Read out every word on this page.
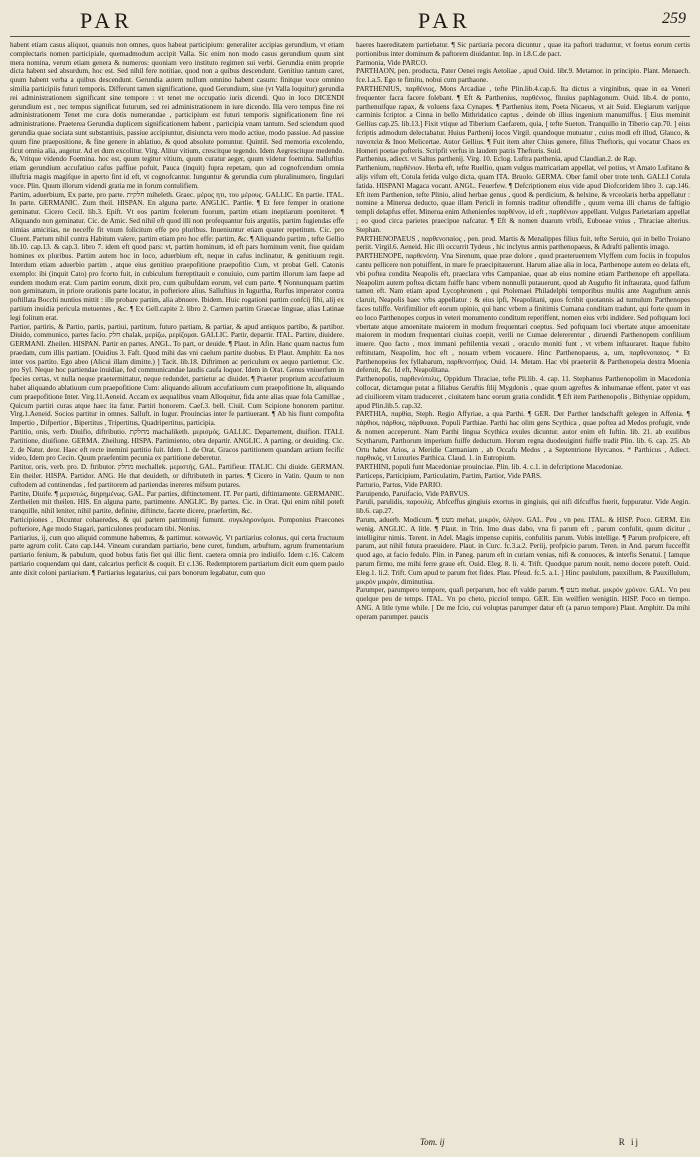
PAR	PAR	259

habent etiam casus aliquot, quanuis non omnes, quos habeat participium: generaliter accipias gerundium, vt etiam complectaris nomen participiale, quemadmodum accipit Valla. Sic enim non modo casus gerundium quum sint mera nomina, verum etiam genera & numeros: quoniam vero instituto regimen sui verbi. Gerundia enim proprie dicta habent sed absurdum, hoc est. Sed nihil fere notitiae, quod non a quibus descendunt. Genitiuo tantum caret, quum habent verba a quibus descendunt. Gerundia autem nullum omnino habent casum: finitque voce omnino similia participiis futuri temporis. Differunt tamen significatione, quod Gerundium, siue (vt Valla loquitur) gerundia rei administrationem significant sine tempore : vt tenet me occupatio iuris dicendi. Quo in loco DICENDI gerundium est , nec tempus significat futurum, sed rei administrationem in iure dicendo. Illa vero tempus fine rei administrationem Tenet me cura dotis numerandae , participium est futuri temporis significationem fine rei administratione. Praeterea Gerundia duplicem significationem habent , participia vnam tantum. Sed sciendum quod gerundia quae sociata sunt substantiuis, passiue accipiuntur, disiuncta vero modo actiue, modo passiue. Ad passiue quum fine praepositione, & fine genere in ablatiuo, & quod absolute ponuntur. Quintil. Sed memoria excolendo, ficut omnia alia, augetur. Ad et dum excolitur. Virg. Alitur vitium, crescitque tegendo. Idem Aegrescitque medendo. &, Vritque videndo Foemina. hoc est, quum tegitur vitium, quum curatur aeger, quum videtur foemina. Salluftius etiam gerundium accufatiuo cafus paffiue pofuit, Pauca (inquit) fupra repetam, quo ad cognofcendum omnia illuftria magis magifque in aperto fint id eft, vt cognofcantur. Iunguntur & gerundia cum pluralinumero, fingulari voce. Plin. Quum illorum videndi gratia me in forum contulifiem.

Partim, aduerbium, Ex parte, pro parte. חלקית miheleth. Graec. μέρος ητι, του μέρους. GALLIC. En partie. ITAL. In parte. GERMANIC. Zum theil. HISPAN. En alguna parte. ANGLIC. Partlie. ¶ Et fere femper in oratione geminatur. Cicero Cecil. lib.3. Epift. Vt eos partim fcelerum fuorum, partim etiam ineptiarum poeniteret. ¶ Aliquando non geminatur. Cic. de Amic. Sed nihil eft quod illi non profequantur fuis argutiis, partim fugiendas effe nimias amicitias, ne neceffe fit vnum folicitum effe pro pluribus. Inueniuntur etiam quater repetitum. Cic. pro Cluent. Partum nihil contra Habitum valere, partim etiam pro hoc effe: partim, &c. ¶ Aliquando partim , tefte Gellio lib.10. cap.13. & cap.3. libro 7. idem eft quod pars: vt, partim hominum, id eft pars hominum venit, fiue quidam homines ex pluribus. Partim autem hoc in loco, aduerbium eft, neque in cafus inclinatur, & genitiuum regit. Interdum etiam aduerbio partim , atque eius genitiuo praepofitione praepofitio Cum, vt probat Gell. Catonis exemplo: ibi (inquit Cato) pro fcorto fuit, in cubiculum furreptitauit e conuiuio, cum partim illorum iam faepe ad eundem modum erat. Cum partim eorum, dixit pro, cum quibufdam eorum, vel cum parte. ¶ Nonnunquam partim non geminatum, in priore orationis parte locatur, in pofteriore alius. Salluftius in Iugurtha, Rurfus imperator contra poftillata Bocchi nuntios mittit : ille probare partim, alia abnuere. Ibidem. Huic rogationi partim confcij fibi, alij ex partium inuidia pericula metuentes , &c. ¶ Ex Gell.capite 2. libro 2. Carmen partim Graecae linguae, alias Latinae legi folitum erat.

Partior, partiris, & Partio, partis, partiui, partitum, futuro partiam, & partiar, & apud antiquos partibo, & partibor. Diuido, communico, partes facio. חלק chalak, μερίζω, μερίζομαι. GALLIC. Partir, departir. ITAL. Partire, diuidere. GERMANI. Zheilen. HISPAN. Partir en partes. ANGL. To part, or deuide. ¶ Plaut. in Afin. Hanc quam nactus fum praedam, cum illis partiam. [Ouidius 3. Faft. Quod mihi das vni caelum partite duobus. Et Plaut. Amphitr. Ea nos inter vos partito. Ego abeo (Alicui illam dimitte.) ] Tacit. lib.18. Diftrimen ac periculum ex aequo partiemur. Cic. pro Syl. Neque hoc partiendae inuidiae, fed communicandae laudis caufa loquor. Idem in Orat. Genus vniuerfum in fpecies certas, vt nulla neque praetermittatur, neque redundet, partietur ac diuidet. ¶ Praeter proprium accufatiuum habet aliquando ablatiuum cum praepofitione Cum: aliquando aliuum accufatiuum cum praepofitione In, aliquando cum praepofitione Inter. Virg.11.Aeneid. Accam ex aequalibus vnam Alloquitur, fida ante alias quae fola Camillae , Quicum partiri curas atque haec ita fatur. Partiri honorem. Caef.3. bell. Ciuil. Cum Scipione honorem partitur. Virg.1.Aeneid. Socios partitur in omnes. Salluft. in Iugur. Prouincias inter fe partiuerant. ¶ Ab his fiunt compofita Impertio , Difpertior , Bipertitus , Tripertitus, Quadripertitus, participia.

Partitio, onis, verb. Diuifio, diftributio. מחלקת machaliketh. μερισμός. GALLIC. Departement, diuifion. ITALI. Partitione, diuifione. GERMA. Zheilung. HISPA. Partimiento, obra departir. ANGLIC. A parting, or deuiding. Cic. 2. de Natur. deor. Haec eft recte inemini partitio fuit. Idem 1. de Orat. Gracos partitionem quandam artium fecific video, Idem pro Cecin. Quum praefentim pecunia ex partitione deberetur.

Partitor, oris, verb. pro. D. ftributor. מחלק mechallek. μεριστής. GAL. Partifieur. ITALIC. Chi diuide. GERMAN. Ein theiler. HISPA. Partidor. ANG. He that deuideth, or diftributeth in partes. ¶ Cicero in Vatin. Quum te non cuftodem ad continendas , fed partitorem ad partiendas inereres mifsum putares.

Partite, Diuife. ¶ μεριστώς, διηρημένως. GAL. Par parties, diftinctement. IT. Per parti, diftintamente. GERMANIC. Zertheilen mit theilen. HIS. En alguna parte, partimente. ANGLIC. By partes. Cic. in Orat. Qui enim nihil poteft tranquille, nihil leniter, nihil partite, definite, diftincte, facete dicere, praefertim, &c.

Participiones , Dicuntur cohaeredes, & qui partem patrimonij fumunt. συγκληρονόμοι. Pomponius Praecones pofteriore, Age modo Stagari, particulones producam tibi. Nonius.

Partiarius, ij, cum quo aliquid commune habemus, & partimur. κοινωνός. Vt partiarius colonus, qui certa fructuum parte agrum colit. Cato cap.144. Vineam curandam partiario, bene curet, fundum, arbuftum, agrum frumentarium partiario fenium, & pabulum, quod bobus fatis fiet qui illic fient. caetera omnia pro indiuifo. Idem c.16. Calcem partiario coquendam qui dant, calcarius perficit & coquit. Et c.136. Redemptorem partiarium dicit eum quem paulo ante dixit coloni partiarium. ¶ Partiarius legatarius, cui pars bonorum legabatur, cum quo

haeres haereditatem partiebatur. ¶ Sic partiaria pecora dicuntur , quae ita paftori traduntur, vt foetus eorum certis portionibus inter dominum & paftorem diuidantur. Inp. in l.8.C.de pact.

Parmonia, Vide PARCO.

PARTHAON, pen. producta, Pater Oenei regis Aetoliae , apud Ouid. libr.9. Metamor. in principio. Plant. Menaech. fce.1.a.5. Ego te fimitu, nobui cum parthaone.

PARTHENIUS, παρθένιος, Mons Arcadiae , tefte Plin.lib.4.cap.6. Ita dictus a virginibus, quae in ea Veneri frequenter facra facere folebant. ¶ Eft & Parthenius, παρθένιος, fluuius paphlagonum. Ouid. lib.4. de ponto, parthenuifque rapax, & voluens faxa Cynapes. ¶ Parthenius item, Poeta Nicaeus, vt ait Suid. Elegiarum varijque carminis fcriptor. a Cinna in bello Mithridatico captus , deinde ob illius ingenium manumiffus. [ Eius meminit Gellius cap.25. lib.13.] Fixit vtique ad Tiberium Caefarem, quia, [ tefte Sueton. Tranquillo in Tiberio cap.70. ] eius fcriptis admodum delectabatur. Huius Parthenij locos Virgil. quandoque mutuatur , cuius modi eft illud, Glauco, & πανοπεία & Inoo Melicertae. Autor Gellius. ¶ Fuit item alter Chius genere, filius Theftoris, qui vocatur Chaos ex Homeri poetae pofteris. Scripfit verfus in laudem patris Theftoris. Suid.

Parthenius, adiect. vt Saltus parthenij. Virg. 10. Eclog. Luftra parthenia, apud Claudian.2. de Rap.

Parthenium, παρθένιον. Herba eft, tefte Ruellio, quam vulgus matricariam appellat, vel potius, vt Amato Lufitano & alijs vifum eft, Cotula fetida vulgo dicta, quam ITA. Bruolo. GERMA. Ober famil ober trote tenh. GALLI Cotula fatida. HISPANI Magaca vocant. ANGL. Feuerfew. ¶ Defcriptionem eius vide apud Diofcoridem libro 3. cap.146. Eft item Parthenion, tefte Plinio, aliud herbae genus , quod & perdicium, & helxine, & vrceolaris herba appellatur : nomine a Minerua deducto, quae illam Pericli in fomnis traditur oftendiffe , quum verna illi charus de faftigio templi delapfus effet. Minerua enim Athenienfes παρθένον, id eft , παρθένιον appellant. Vulgus Parietariam appellat ; eo quod circa parietes praecipue nafcatur. ¶ Eft & nomen duarum vrbifi, Euboeae vnius , Thraciae alterius. Stephan.

PARTHENOPAEUS , παρθενοπαίος , pen. prod. Martis & Menalippes filius fuit, tefte Seruio, qui in bello Troiano periit. Virgil.6. Aeneid. Hic illi occurrit Tydeus , hic inclytus armis parthenopaeus, & Adrafti pallentis imago.

PARTHENOPE, παρθενόπη. Vna Sirenum, quae prae dolore , quod praeteruentem Vlyffem cum fociis in fcopulos cantu pellicere non potuiffent, in mare fe praecipitauerunt. Harum aliae alia in loca, Parthenope autem eo delata eft, vbi poftea condita Neapolis eft, praeclara vrbs Campaniae, quae ab eius nomine etiam Parthenope eft appellata. Neapolim autem poftea dictam fuiffe hanc vrbem nonnulli putauerunt, quod ab Augufto fit inftaurata, quod falfum tamen eft. Nam etiam apud Lycophronem , qui Ptolemaei Philadelphi temporibus multis ante Auguftum annis claruit, Neapolis haec vrbs appellatur : & eius ipfi, Neapolitani, quos fcribit quotannis ad tumulum Parthenopes faces tuliffe. Verifimilior eft eorum opinio, qui hanc vrbem a finitimis Cumana conditam tradunt, qui forte quum in eo loco Parthenopes corpus in veteri monumento conditum reperiffent, nomen eius vrbi indidere. Sed poftquam loci vbertate atque amoenitate maiorem in modum frequentari coeptus. Sed poftquam loci vbertate atque amoenitate maiorem in modum frequentari ciuitas coepit, verili ne Cumae delererentur , diruendi Parthenopem confilium inuere. Quo facto , mox immani peftilentia vexati , oraculo moniti funt , vt vrbem inftauraret. Itaque fubito reftitutam, Neapolim, hoc eft , nouam vrbem vocauere. Hinc Parthenopaeus, a, um, παρθενοπαιος. * Et Parthenopeius fex fyllabarum, παρθενοπήιος. Ouid. 14. Metam. Hac vbi praeteriit & Parthenopeia dextra Moenia deferuit, &c. Id eft, Neapolitana.

Parthenopolis, παρθενόπολις, Oppidum Thraciae, tefte Pli.lib. 4. cap. 11. Stephanus Parthenopolim in Macedonia collocat, dictamque putat a filiabus Geraftis filij Mygdonis , quae quum agreftes & inhumanae effent, pater vt eas ad ciuiliorem vitam traduceret , ciuitatem hanc eorum gratia condidit. ¶ Eft item Parthenopolis , Bithyniae oppidum, apud Plin.lib.5. cap.32.

PARTHIA, παρθία, Steph. Regio Affyriae, a qua Parthi. ¶ GER. Der Parther landschafft gelegen in Affenia. ¶ πάρθιοι, πάρθοις, πάρθυαιαι. Populi Parthiae. Parthi hac olim gens Scythica , quae poftea ad Medos profugit, vnde & nomen acceperunt. Nam Parthi lingua Scythica exules dicuntur. autor enim eft Iuftin. lib. 21. ab exulibus Scytharum, Parthorum imperium fuiffe deductum. Horum regna duodeuiginti fuiffe tradit Plin. lib. 6. cap. 25. Ab Ortu habet Arios, a Meridie Carmaniam , ab Occafu Medos , a Septentrione Hyrcanos. * Parthicus , Adiect. παρθικός, vt Luxuries Parthica. Claud. 1. in Eutropium.

PARTHINI, populi funt Macedoniae prouinciae. Plin. lib. 4. c.1. in defcriptione Macedoniae.

Particeps, Participium, Particulatim, Partim, Partior, Vide PARS.

Parturio, Partus, Vide PARIO.

Paruipendo, Paruifacio, Vide PARVUS.

Paruli, parulidis, παρουλίς. Abfceffus gingiuis exortus in gingiuis, qui nifi difcuffus fuerit, fuppuratur. Vide Aegin. lib.6. cap.27.

Parum, aduerb. Modicum. ¶ מעט mehat, μικρόν, ὀλίγον. GAL. Peu , vn peu. ITAL. & HISP. Poco. GERM. Ein wenig. ANGLIC. A litle. ¶ Plaut. in Trin. Imo duas dabo, vna fi parum eft , parum confulit, quum dicitur , intelligitur nimis. Terent. in Adel. Magis impense cupitis, confulitis parum. Vobis intellige. ¶ Parum profpicere, eft parum, aut nihil futura praeuidere. Plaut. in Curc. fc.3.a.2. Periij, profpicio parum. Teren. in And. parum fucceffit quod ago, at facio fedulo. Plin. in Paneg. parum eft in curiam venias, nifi & conuoces, & interfis Senatui. [ Iamque parum firmo, me mihi ferre graue eft. Ouid. Eleg. 8. li. 4. Trift. Quodque parum nouit, nemo docere poteft. Ouid. Eleg.1. li.2. Trift. Cum apud te parum ftet fides. Plau. Pfeud. fc.5. a.1. ] Hinc paululum, pauxillum, & Pauxillulum, μικρόν μικρόν, diminutiua.

Parumper, parumpero tempore, quafi perparum, hoc eft valde parum. ¶ מעט mehat. μικρόν χρόνον. GAL. Vn peu quelque peu de temps. ITAL. Vn po cheto, picciol tempo. GER. Ein weilfien wenigtin. HISP. Poco en tiempo. ANG. A litle tyme while. [ De me fcio, cui voluptas parumper datur eft (a paruo tempore) Plaut. Amphitr. Da mihi operam parumper. paucis

Tom. ij	R ij
